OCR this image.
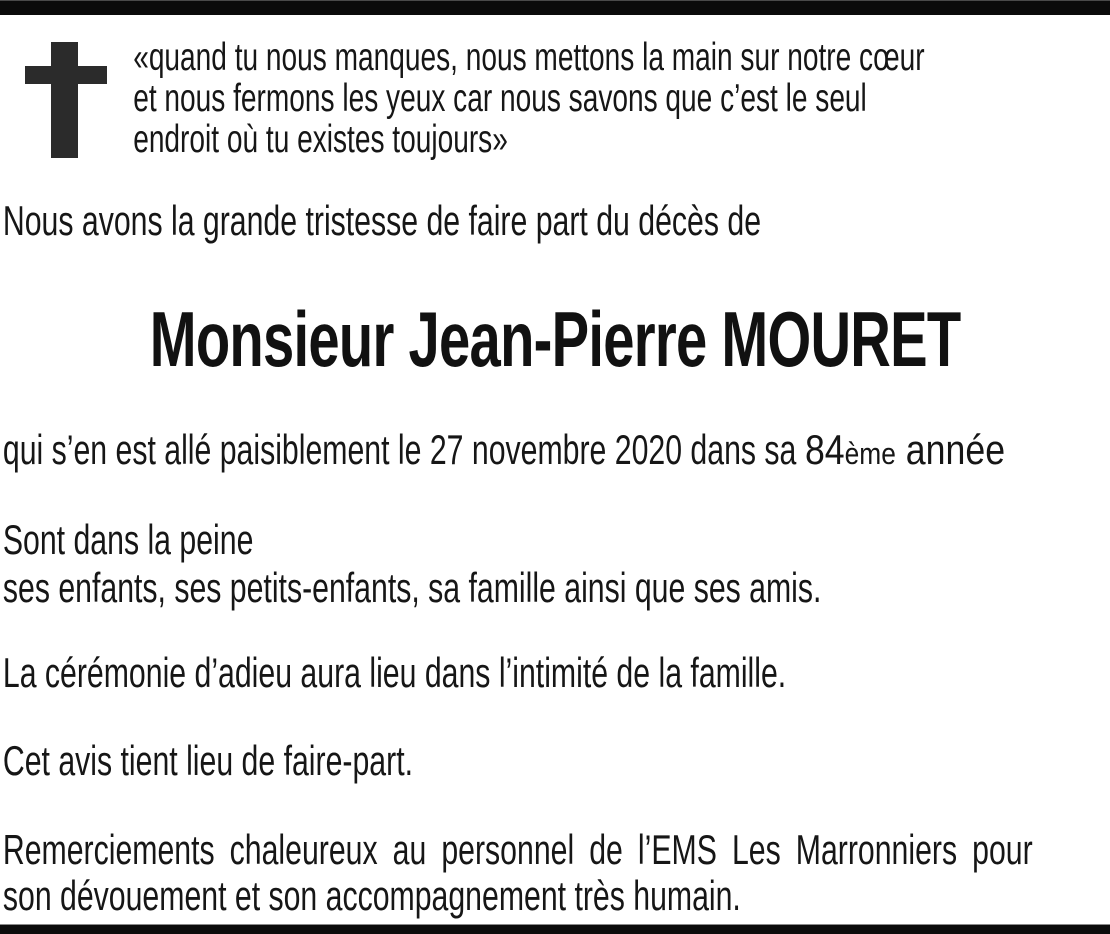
«quand tu nous manques, nous mettons la main sur notre cœur
et nous fermons les yeux car nous savons que c’est le seul
endroit où tu existes toujours»
Nous avons la grande tristesse de faire part du décès de
Monsieur Jean-Pierre MOURET
qui s’en est allé paisiblement le 27 novembre 2020 dans sa 84ème année
Sont dans la peine
ses enfants, ses petits-enfants, sa famille ainsi que ses amis.
La cérémonie d’adieu aura lieu dans l’intimité de la famille.
Cet avis tient lieu de faire-part.
Remerciements chaleureux au personnel de l’EMS Les Marronniers pour
son dévouement et son accompagnement très humain.
